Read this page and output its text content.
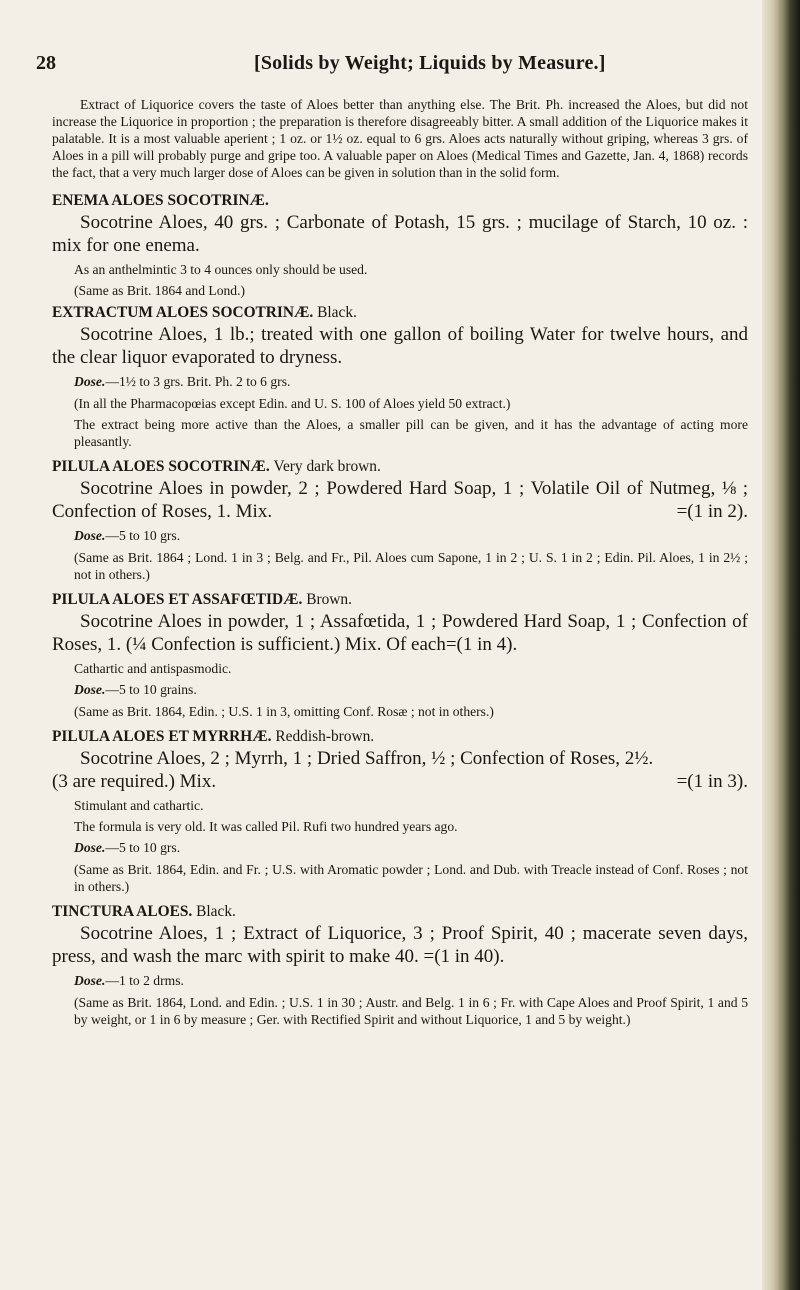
28	[Solids by Weight; Liquids by Measure.]

Extract of Liquorice covers the taste of Aloes better than anything else. The Brit. Ph. increased the Aloes, but did not increase the Liquorice in proportion ; the preparation is therefore disagreeably bitter. A small addition of the Liquorice makes it palatable. It is a most valuable aperient ; 1 oz. or 1½ oz. equal to 6 grs. Aloes acts naturally without griping, whereas 3 grs. of Aloes in a pill will probably purge and gripe too. A valuable paper on Aloes (Medical Times and Gazette, Jan. 4, 1868) records the fact, that a very much larger dose of Aloes can be given in solution than in the solid form.

ENEMA ALOES SOCOTRINÆ.

Socotrine Aloes, 40 grs. ; Carbonate of Potash, 15 grs. ; mucilage of Starch, 10 oz. : mix for one enema.

As an anthelmintic 3 to 4 ounces only should be used.

(Same as Brit. 1864 and Lond.)

EXTRACTUM ALOES SOCOTRINÆ. Black.

Socotrine Aloes, 1 lb.; treated with one gallon of boiling Water for twelve hours, and the clear liquor evaporated to dryness.

Dose.—1½ to 3 grs. Brit. Ph. 2 to 6 grs.

(In all the Pharmacopœias except Edin. and U. S. 100 of Aloes yield 50 extract.)

The extract being more active than the Aloes, a smaller pill can be given, and it has the advantage of acting more pleasantly.

PILULA ALOES SOCOTRINÆ. Very dark brown.

Socotrine Aloes in powder, 2 ; Powdered Hard Soap, 1 ; Volatile Oil of Nutmeg, ⅛ ; Confection of Roses, 1. Mix.	=(1 in 2).

Dose.—5 to 10 grs.

(Same as Brit. 1864 ; Lond. 1 in 3 ; Belg. and Fr., Pil. Aloes cum Sapone, 1 in 2 ; U. S. 1 in 2 ; Edin. Pil. Aloes, 1 in 2½ ; not in others.)

PILULA ALOES ET ASSAFŒTIDÆ. Brown.

Socotrine Aloes in powder, 1 ; Assafœtida, 1 ; Powdered Hard Soap, 1 ; Confection of Roses, 1. (¼ Confection is sufficient.) Mix. Of each=(1 in 4).

Cathartic and antispasmodic.

Dose.—5 to 10 grains.

(Same as Brit. 1864, Edin. ; U.S. 1 in 3, omitting Conf. Rosæ ; not in others.)

PILULA ALOES ET MYRRHÆ. Reddish-brown.

Socotrine Aloes, 2 ; Myrrh, 1 ; Dried Saffron, ½ ; Confection of Roses, 2½.

(3 are required.) Mix.	=(1 in 3).

Stimulant and cathartic.

The formula is very old. It was called Pil. Rufi two hundred years ago.

Dose.—5 to 10 grs.

(Same as Brit. 1864, Edin. and Fr. ; U.S. with Aromatic powder ; Lond. and Dub. with Treacle instead of Conf. Roses ; not in others.)

TINCTURA ALOES. Black.

Socotrine Aloes, 1 ; Extract of Liquorice, 3 ; Proof Spirit, 40 ; macerate seven days, press, and wash the marc with spirit to make 40. =(1 in 40).

Dose.—1 to 2 drms.

(Same as Brit. 1864, Lond. and Edin. ; U.S. 1 in 30 ; Austr. and Belg. 1 in 6 ; Fr. with Cape Aloes and Proof Spirit, 1 and 5 by weight, or 1 in 6 by measure ; Ger. with Rectified Spirit and without Liquorice, 1 and 5 by weight.)
